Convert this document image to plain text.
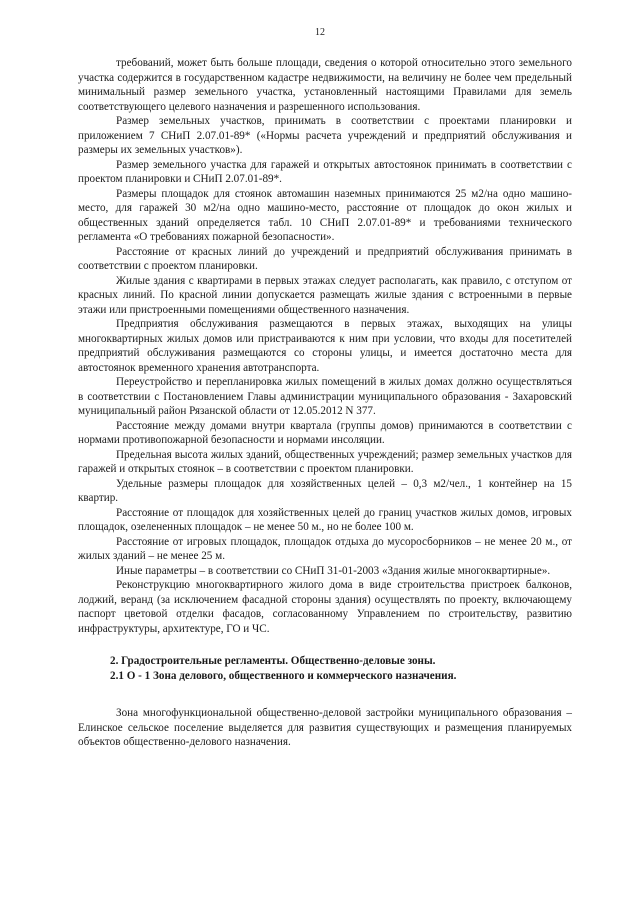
12

требований, может быть больше площади, сведения о которой относительно этого земельного участка содержится в государственном кадастре недвижимости, на величину не более чем предельный минимальный размер земельного участка, установленный настоящими Правилами для земель соответствующего целевого назначения и разрешенного использования.

Размер земельных участков, принимать в соответствии с проектами планировки и приложением 7 СНиП 2.07.01-89* («Нормы расчета учреждений и предприятий обслуживания и размеры их земельных участков»).

Размер земельного участка для гаражей и открытых автостоянок принимать в соответствии с проектом планировки и СНиП 2.07.01-89*.

Размеры площадок для стоянок автомашин наземных принимаются 25 м2/на одно машино-место, для гаражей 30 м2/на одно машино-место, расстояние от площадок до окон жилых и общественных зданий определяется табл. 10 СНиП 2.07.01-89* и требованиями технического регламента «О требованиях пожарной безопасности».

Расстояние от красных линий до учреждений и предприятий обслуживания принимать в соответствии с проектом планировки.

Жилые здания с квартирами в первых этажах следует располагать, как правило, с отступом от красных линий. По красной линии допускается размещать жилые здания с встроенными в первые этажи или пристроенными помещениями общественного назначения.

Предприятия обслуживания размещаются в первых этажах, выходящих на улицы многоквартирных жилых домов или пристраиваются к ним при условии, что входы для посетителей предприятий обслуживания размещаются со стороны улицы, и имеется достаточно места для автостоянок временного хранения автотранспорта.

Переустройство и перепланировка жилых помещений в жилых домах должно осуществляться в соответствии с Постановлением Главы администрации муниципального образования - Захаровский муниципальный район Рязанской области от 12.05.2012 N 377.

Расстояние между домами внутри квартала (группы домов) принимаются в соответствии с нормами противопожарной безопасности и нормами инсоляции.

Предельная высота жилых зданий, общественных учреждений; размер земельных участков для гаражей и открытых стоянок – в соответствии с проектом планировки.

Удельные размеры площадок для хозяйственных целей – 0,3 м2/чел., 1 контейнер на 15 квартир.

Расстояние от площадок для хозяйственных целей до границ участков жилых домов, игровых площадок, озелененных площадок – не менее 50 м., но не более 100 м.

Расстояние от игровых площадок, площадок отдыха до мусоросборников – не менее 20 м., от жилых зданий – не менее 25 м.

Иные параметры – в соответствии со СНиП 31-01-2003 «Здания жилые многоквартирные».

Реконструкцию многоквартирного жилого дома в виде строительства пристроек балконов, лоджий, веранд (за исключением фасадной стороны здания) осуществлять по проекту, включающему паспорт цветовой отделки фасадов, согласованному Управлением по строительству, развитию инфраструктуры, архитектуре, ГО и ЧС.

2. Градостроительные регламенты. Общественно-деловые зоны.

2.1 О - 1 Зона делового, общественного и коммерческого назначения.

Зона многофункциональной общественно-деловой застройки муниципального образования – Елинское сельское поселение выделяется для развития существующих и размещения планируемых объектов общественно-делового назначения.
